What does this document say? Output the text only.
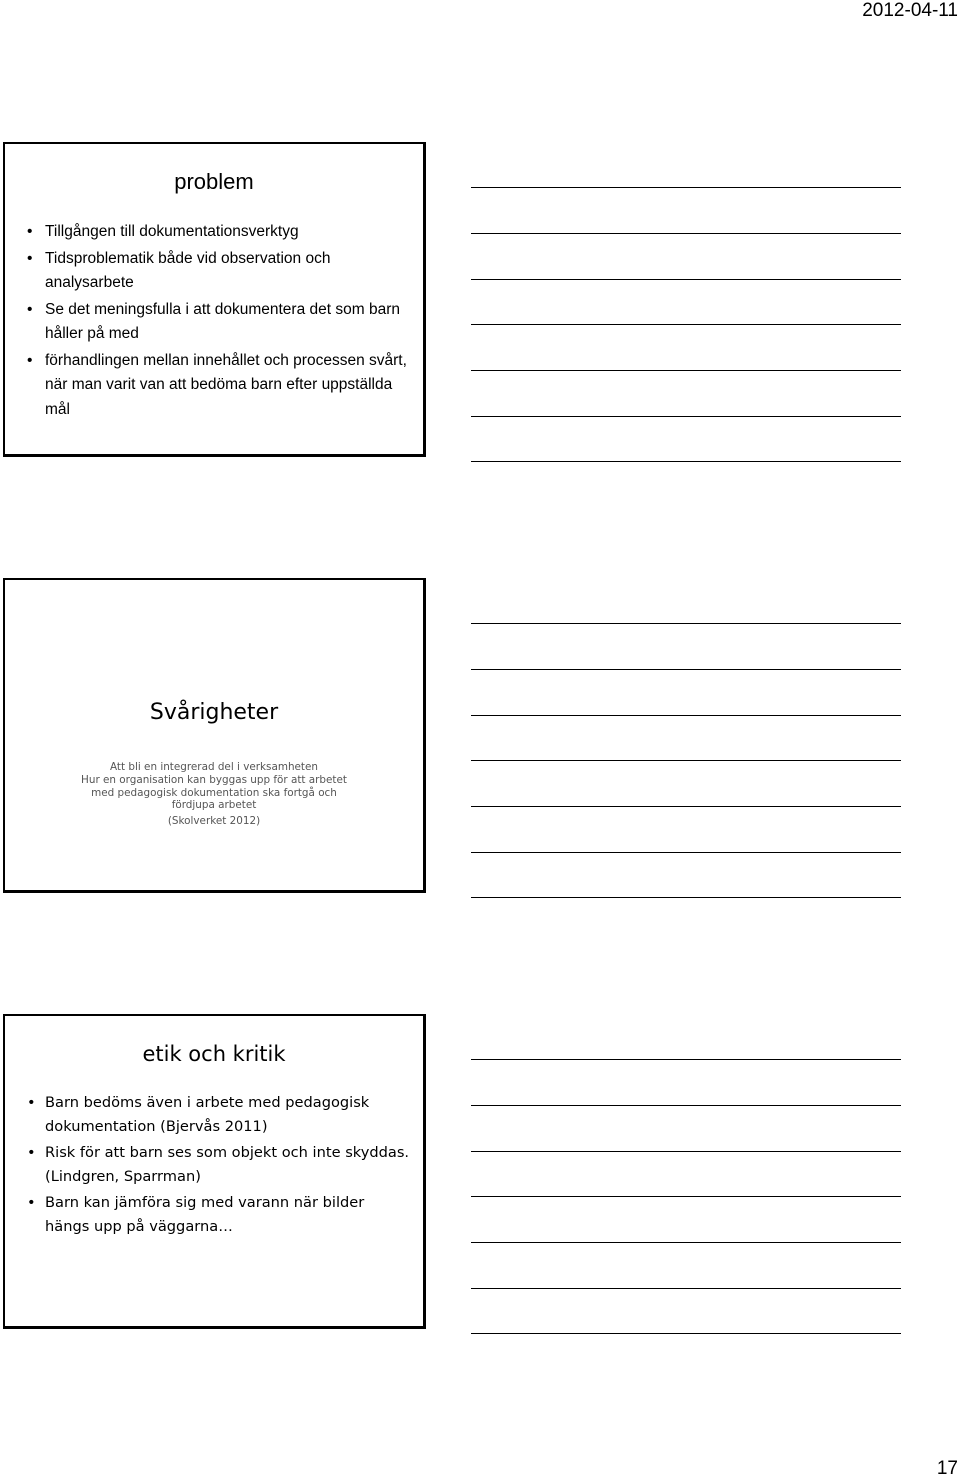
2012-04-11
problem
• Tillgången till dokumentationsverktyg
• Tidsproblematik både vid observation och analysarbete
• Se det meningsfulla i att dokumentera det som barn håller på med
• förhandlingen mellan innehållet och processen svårt, när man varit van att bedöma barn efter uppställda mål
Svårigheter
Att bli en integrerad del i verksamheten
Hur en organisation kan byggas upp för att arbetet
med pedagogisk dokumentation ska fortgå och
fördjupa arbetet
(Skolverket 2012)
etik och kritik
• Barn bedöms även i arbete med pedagogisk dokumentation (Bjervås 2011)
• Risk för att barn ses som objekt och inte skyddas. (Lindgren, Sparrman)
• Barn kan jämföra sig med varann när bilder hängs upp på väggarna…
17
